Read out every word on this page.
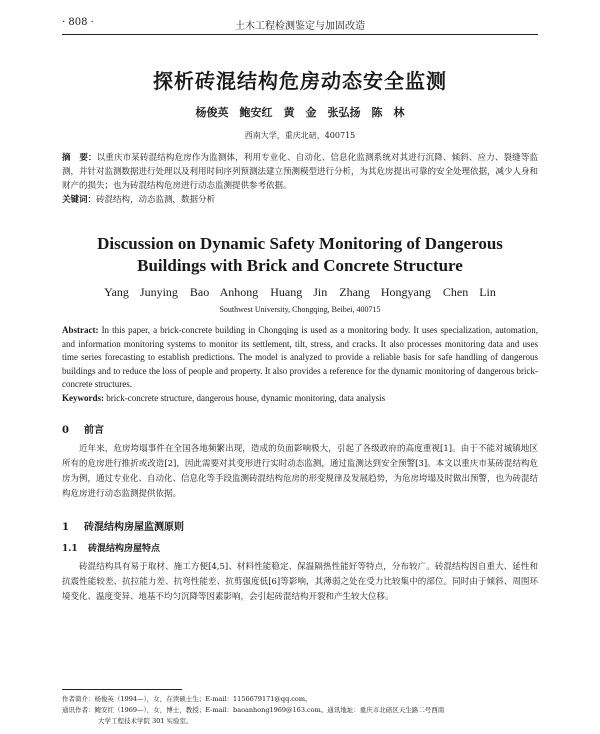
· 808 ·	土木工程检测鉴定与加固改造
探析砖混结构危房动态安全监测
杨俊英　鲍安红　黄　金　张弘扬　陈　林
西南大学，重庆北碚，400715
摘　要：以重庆市某砖混结构危房作为监测体，利用专业化、自动化、信息化监测系统对其进行沉降、倾斜、应力、裂缝等监测，并针对监测数据进行处理以及利用时间序列预测法建立预测模型进行分析，为其危房提出可靠的安全处理依据，减少人身和财产的损失；也为砖混结构危房进行动态监测提供参考依据。
关键词：砖混结构，动态监测，数据分析
Discussion on Dynamic Safety Monitoring of Dangerous
Buildings with Brick and Concrete Structure
Yang Junying　Bao Anhong　Huang Jin　Zhang Hongyang　Chen Lin
Southwest University, Chongqing, Beibei, 400715
Abstract: In this paper, a brick-concrete building in Chongqing is used as a monitoring body. It uses specialization, automation, and information monitoring systems to monitor its settlement, tilt, stress, and cracks. It also processes monitoring data and uses time series forecasting to establish predictions. The model is analyzed to provide a reliable basis for safe handling of dangerous buildings and to reduce the loss of people and property. It also provides a reference for the dynamic monitoring of dangerous brick-concrete structures.
Keywords: brick-concrete structure, dangerous house, dynamic monitoring, data analysis
0 前言
近年来，危房垮塌事件在全国各地频繁出现，造成的负面影响极大，引起了各级政府的高度重视[1]。由于不能对城镇地区所有的危房进行推折或改造[2]，因此需要对其变形进行实时动态监测，通过监测达到安全预警[3]。本文以重庆市某砖混结构危房为例，通过专业化、自动化、信息化等手段监测砖混结构危房的形变规律及发展趋势，为危房垮塌及时做出预警，也为砖混结构危房进行动态监测提供依据。
1 砖混结构房屋监测原则
1.1 砖混结构房屋特点
砖混结构具有易于取材、施工方便[4,5]、材料性能稳定、保温隔热性能好等特点，分布较广。砖混结构因自重大、延性和抗震性能较差、抗拉能力差、抗弯性能差、抗剪强度低[6]等影响，其薄弱之处在受力比较集中的部位。同时由于倾斜、周围环境变化、温度变异、地基不均匀沉降等因素影响，会引起砖混结构开裂和产生较大位移。
作者简介：杨俊英（1994—），女，在读硕士生；E-mail：1156679171@qq.com。
通讯作者：鲍安红（1969—），女，博士，教授；E-mail：baoanhong1969@163.com。通讯地址：重庆市北碚区天生路二号西南
大学工程技术学院 301 实验室。
